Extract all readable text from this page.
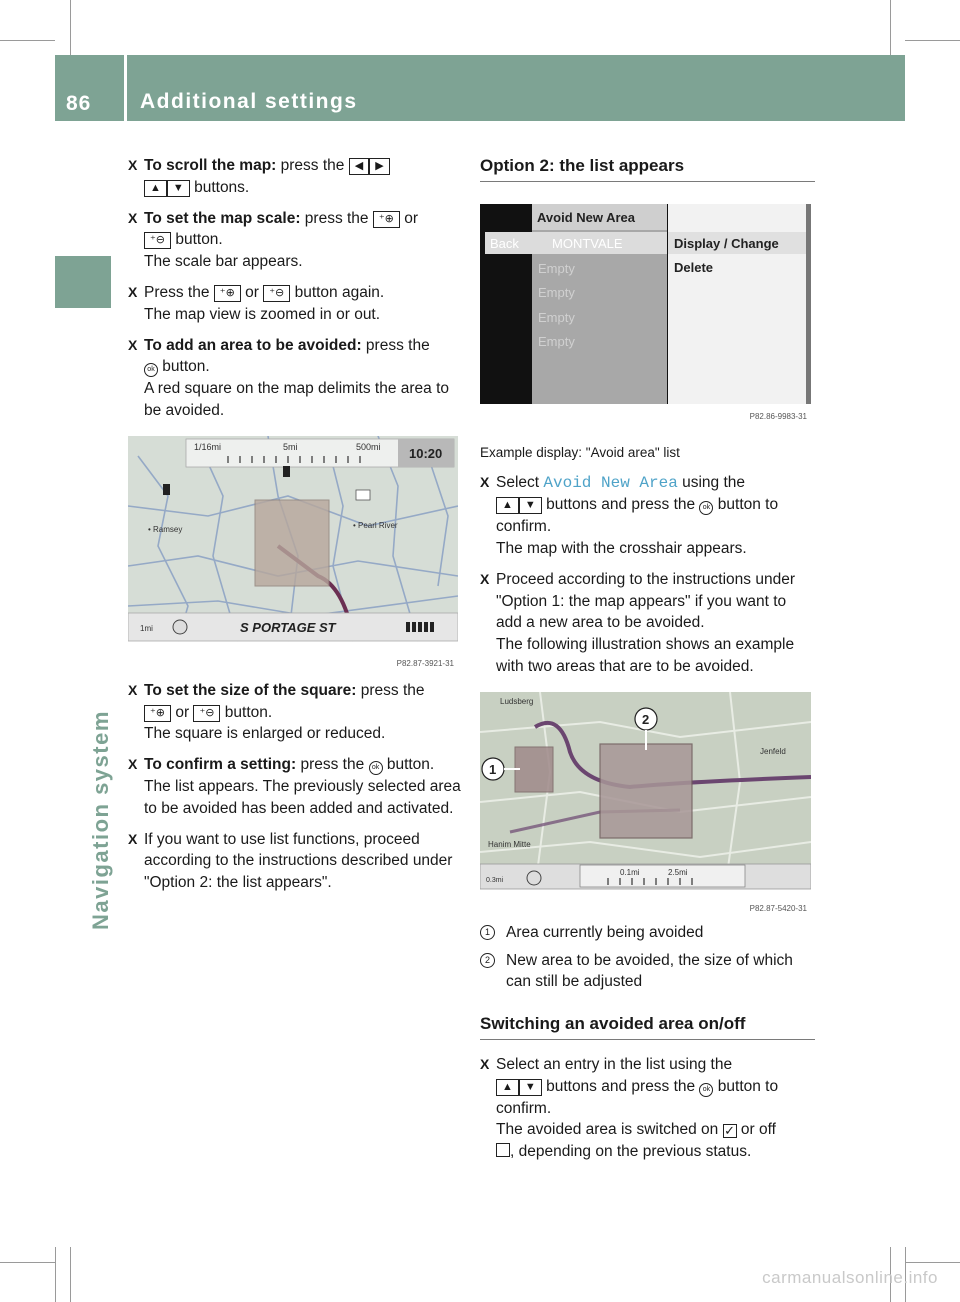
86 Additional settings
Navigation system
X To scroll the map: press the ◀ ▶
▲ ▼ buttons.
X To set the map scale: press the ⁺⊕ or
⁺⊖ button.
The scale bar appears.
X Press the ⁺⊕ or ⁺⊖ button again.
The map view is zoomed in or out.
X To add an area to be avoided: press the
ok button.
A red square on the map delimits the area to be avoided.
1/16mi	5mi	500mi 10:20
• Ramsey	• Pearl River
1mi	S PORTAGE ST
P82.87-3921-31
X To set the size of the square: press the
⁺⊕ or ⁺⊖ button.
The square is enlarged or reduced.
X To confirm a setting: press the ok button.
The list appears. The previously selected area to be avoided has been added and activated.
X If you want to use list functions, proceed according to the instructions described under "Option 2: the list appears".
Option 2: the list appears
Avoid New Area
Back	MONTVALE
Empty
Empty
Empty
Empty
Display / Change
Delete
P82.86-9983-31
Example display: "Avoid area" list
X Select Avoid New Area using the
▲ ▼ buttons and press the ok button to confirm.
The map with the crosshair appears.
X Proceed according to the instructions under "Option 1: the map appears" if you want to add a new area to be avoided.
The following illustration shows an example with two areas that are to be avoided.
Ludsberg
Hanim Mitte
Jenfeld
1
2
0.3mi
0.1mi	2.5mi
P82.87-5420-31
1	Area currently being avoided
2	New area to be avoided, the size of which can still be adjusted
Switching an avoided area on/off
X Select an entry in the list using the
▲ ▼ buttons and press the ok button to confirm.
The avoided area is switched on ✓ or off
, depending on the previous status.
carmanualsonline.info
